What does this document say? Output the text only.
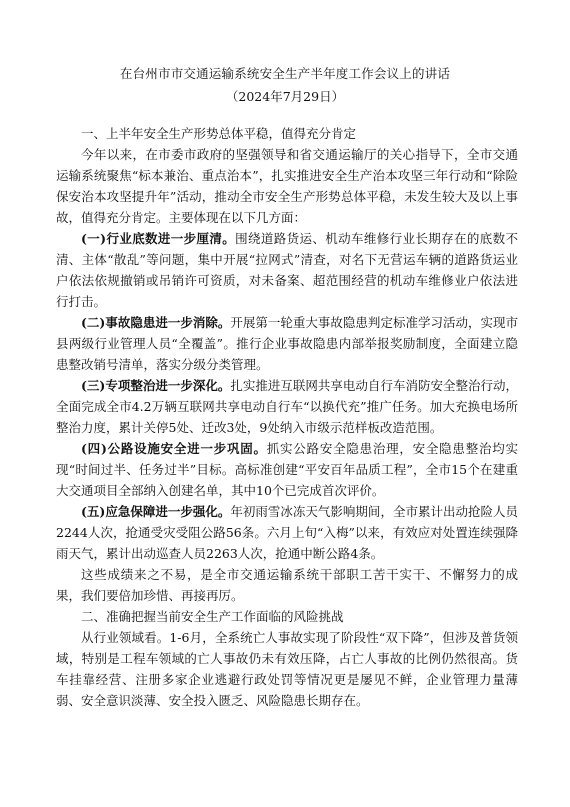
在台州市市交通运输系统安全生产半年度工作会议上的讲话
（2024年7月29日）

一、上半年安全生产形势总体平稳，值得充分肯定

今年以来，在市委市政府的坚强领导和省交通运输厅的关心指导下，全市交通运输系统聚焦“标本兼治、重点治本”，扎实推进安全生产治本攻坚三年行动和“除险保安治本攻坚提升年”活动，推动全市安全生产形势总体平稳，未发生较大及以上事故，值得充分肯定。主要体现在以下几方面：

(一)行业底数进一步厘清。围绕道路货运、机动车维修行业长期存在的底数不清、主体“散乱”等问题，集中开展“拉网式”清查，对名下无营运车辆的道路货运业户依法依规撤销或吊销许可资质，对未备案、超范围经营的机动车维修业户依法进行打击。

(二)事故隐患进一步消除。开展第一轮重大事故隐患判定标准学习活动，实现市县两级行业管理人员“全覆盖”。推行企业事故隐患内部举报奖励制度，全面建立隐患整改销号清单，落实分级分类管理。

(三)专项整治进一步深化。扎实推进互联网共享电动自行车消防安全整治行动，全面完成全市4.2万辆互联网共享电动自行车“以换代充”推广任务。加大充换电场所整治力度，累计关停5处、迁改3处，9处纳入市级示范样板改造范围。

(四)公路设施安全进一步巩固。抓实公路安全隐患治理，安全隐患整治均实现“时间过半、任务过半”目标。高标准创建“平安百年品质工程”，全市15个在建重大交通项目全部纳入创建名单，其中10个已完成首次评价。

(五)应急保障进一步强化。年初雨雪冰冻天气影响期间，全市累计出动抢险人员2244人次，抢通受灾受阻公路56条。六月上旬“入梅”以来，有效应对处置连续强降雨天气，累计出动巡查人员2263人次，抢通中断公路4条。

这些成绩来之不易，是全市交通运输系统干部职工苦干实干、不懈努力的成果，我们要倍加珍惜、再接再厉。

二、准确把握当前安全生产工作面临的风险挑战

从行业领域看。1-6月，全系统亡人事故实现了阶段性“双下降”，但涉及普货领域，特别是工程车领域的亡人事故仍未有效压降，占亡人事故的比例仍然很高。货车挂靠经营、注册多家企业逃避行政处罚等情况更是屡见不鲜，企业管理力量薄弱、安全意识淡薄、安全投入匮乏、风险隐患长期存在。
